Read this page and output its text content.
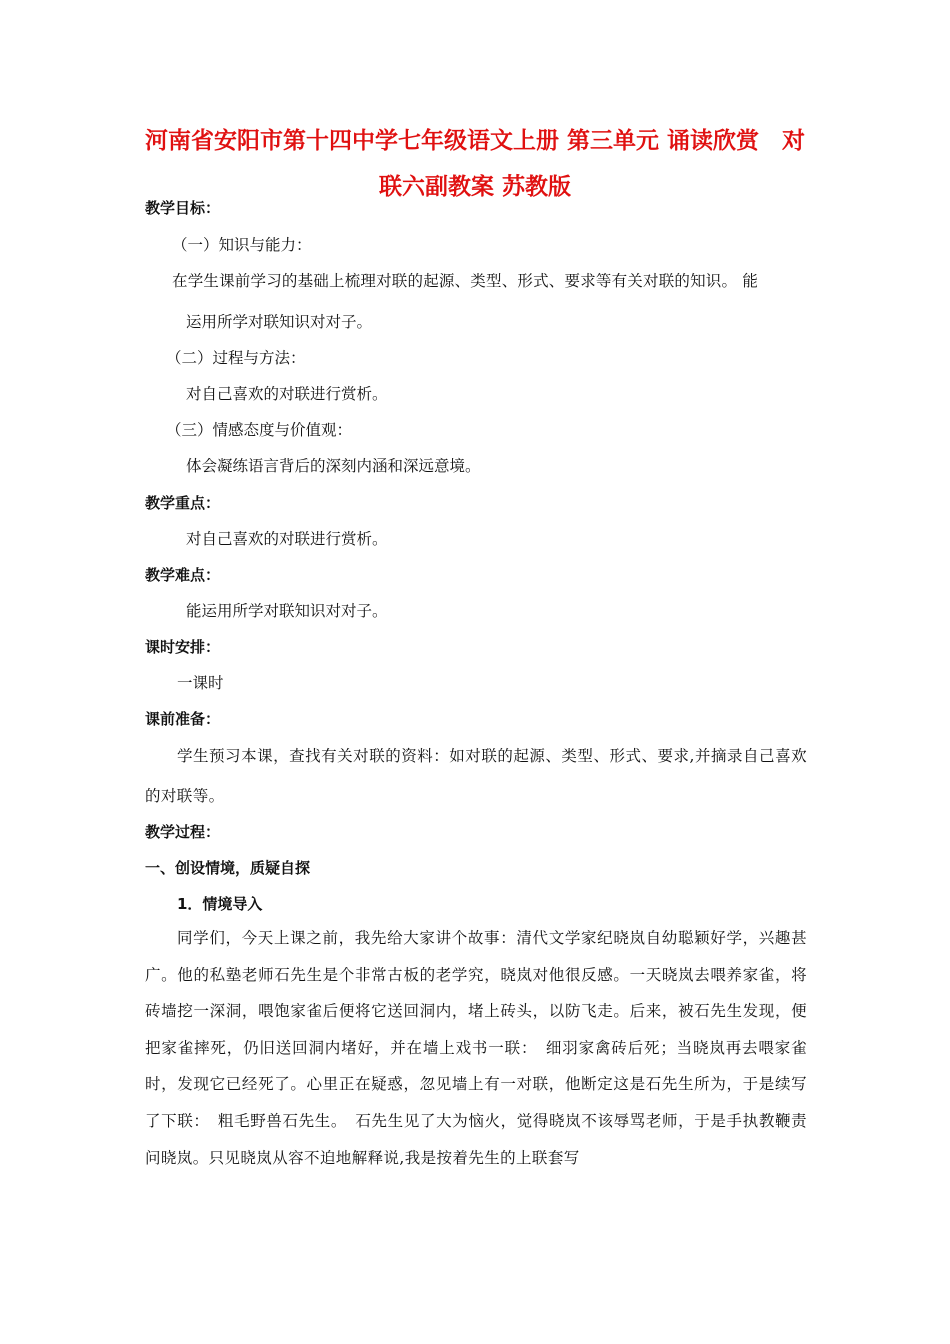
河南省安阳市第十四中学七年级语文上册 第三单元 诵读欣赏　对联六副教案 苏教版
教学目标：
（一）知识与能力：
在学生课前学习的基础上梳理对联的起源、类型、形式、要求等有关对联的知识。 能
运用所学对联知识对对子。
（二）过程与方法：
对自己喜欢的对联进行赏析。
（三）情感态度与价值观：
体会凝练语言背后的深刻内涵和深远意境。
教学重点：
对自己喜欢的对联进行赏析。
教学难点：
能运用所学对联知识对对子。
课时安排：
一课时
课前准备：
学生预习本课，查找有关对联的资料：如对联的起源、类型、形式、要求,并摘录自己喜欢的对联等。
教学过程：
一、创设情境，质疑自探
1．情境导入
同学们，今天上课之前，我先给大家讲个故事：清代文学家纪晓岚自幼聪颖好学，兴趣甚广。他的私塾老师石先生是个非常古板的老学究，晓岚对他很反感。一天晓岚去喂养家雀，将砖墙挖一深洞，喂饱家雀后便将它送回洞内，堵上砖头，以防飞走。后来，被石先生发现，便把家雀摔死，仍旧送回洞内堵好，并在墙上戏书一联：　细羽家禽砖后死；当晓岚再去喂家雀时，发现它已经死了。心里正在疑惑，忽见墙上有一对联，他断定这是石先生所为，于是续写了下联：　粗毛野兽石先生。　石先生见了大为恼火，觉得晓岚不该辱骂老师，于是手执教鞭责问晓岚。只见晓岚从容不迫地解释说,我是按着先生的上联套写
